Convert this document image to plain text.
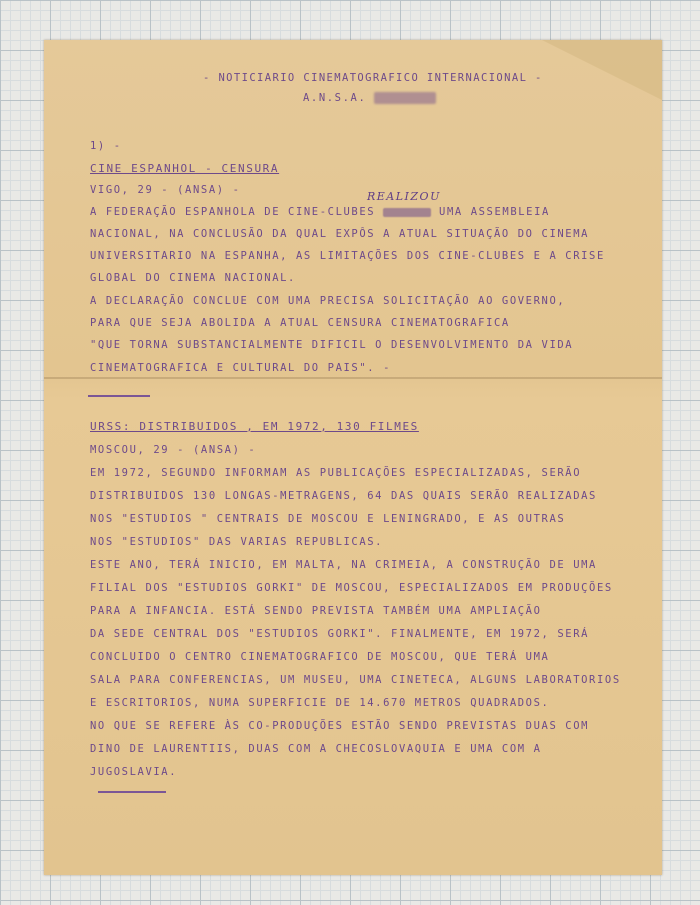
- NOTICIARIO CINEMATOGRAFICO INTERNACIONAL -
A.N.S.A.
1) -
CINE ESPANHOL - CENSURA
VIGO, 29 - (ANSA) -	REALIZOU
A FEDERAÇÃO ESPANHOLA DE CINE-CLUBES	UMA ASSEMBLEIA
NACIONAL, NA CONCLUSÃO DA QUAL EXPÔS A ATUAL SITUAÇÃO DO CINEMA
UNIVERSITARIO NA ESPANHA, AS LIMITAÇÕES DOS CINE-CLUBES E A CRISE
GLOBAL DO CINEMA NACIONAL.
A DECLARAÇÃO CONCLUE COM UMA PRECISA SOLICITAÇÃO AO GOVERNO,
PARA QUE SEJA ABOLIDA A ATUAL CENSURA CINEMATOGRAFICA
"QUE TORNA SUBSTANCIALMENTE DIFICIL O DESENVOLVIMENTO DA VIDA
CINEMATOGRAFICA E CULTURAL DO PAIS". -
URSS: DISTRIBUIDOS , EM 1972, 130 FILMES
MOSCOU, 29 - (ANSA) -
EM 1972, SEGUNDO INFORMAM AS PUBLICAÇÕES ESPECIALIZADAS, SERÃO
DISTRIBUIDOS 130 LONGAS-METRAGENS, 64 DAS QUAIS SERÃO REALIZADAS
NOS "ESTUDIOS " CENTRAIS DE MOSCOU E LENINGRADO, E AS OUTRAS
NOS "ESTUDIOS" DAS VARIAS REPUBLICAS.
ESTE ANO, TERÁ INICIO, EM MALTA, NA CRIMEIA, A CONSTRUÇÃO DE UMA
FILIAL DOS "ESTUDIOS GORKI" DE MOSCOU, ESPECIALIZADOS EM PRODUÇÕES
PARA A INFANCIA. ESTÁ SENDO PREVISTA TAMBÉM UMA AMPLIAÇÃO
DA SEDE CENTRAL DOS "ESTUDIOS GORKI". FINALMENTE, EM 1972, SERÁ
CONCLUIDO O CENTRO CINEMATOGRAFICO DE MOSCOU, QUE TERÁ UMA
SALA PARA CONFERENCIAS, UM MUSEU, UMA CINETECA, ALGUNS LABORATORIOS
E ESCRITORIOS, NUMA SUPERFICIE DE 14.670 METROS QUADRADOS.
NO QUE SE REFERE ÀS CO-PRODUÇÕES ESTÃO SENDO PREVISTAS DUAS COM
DINO DE LAURENTIIS, DUAS COM A CHECOSLOVAQUIA E UMA COM A
JUGOSLAVIA.
